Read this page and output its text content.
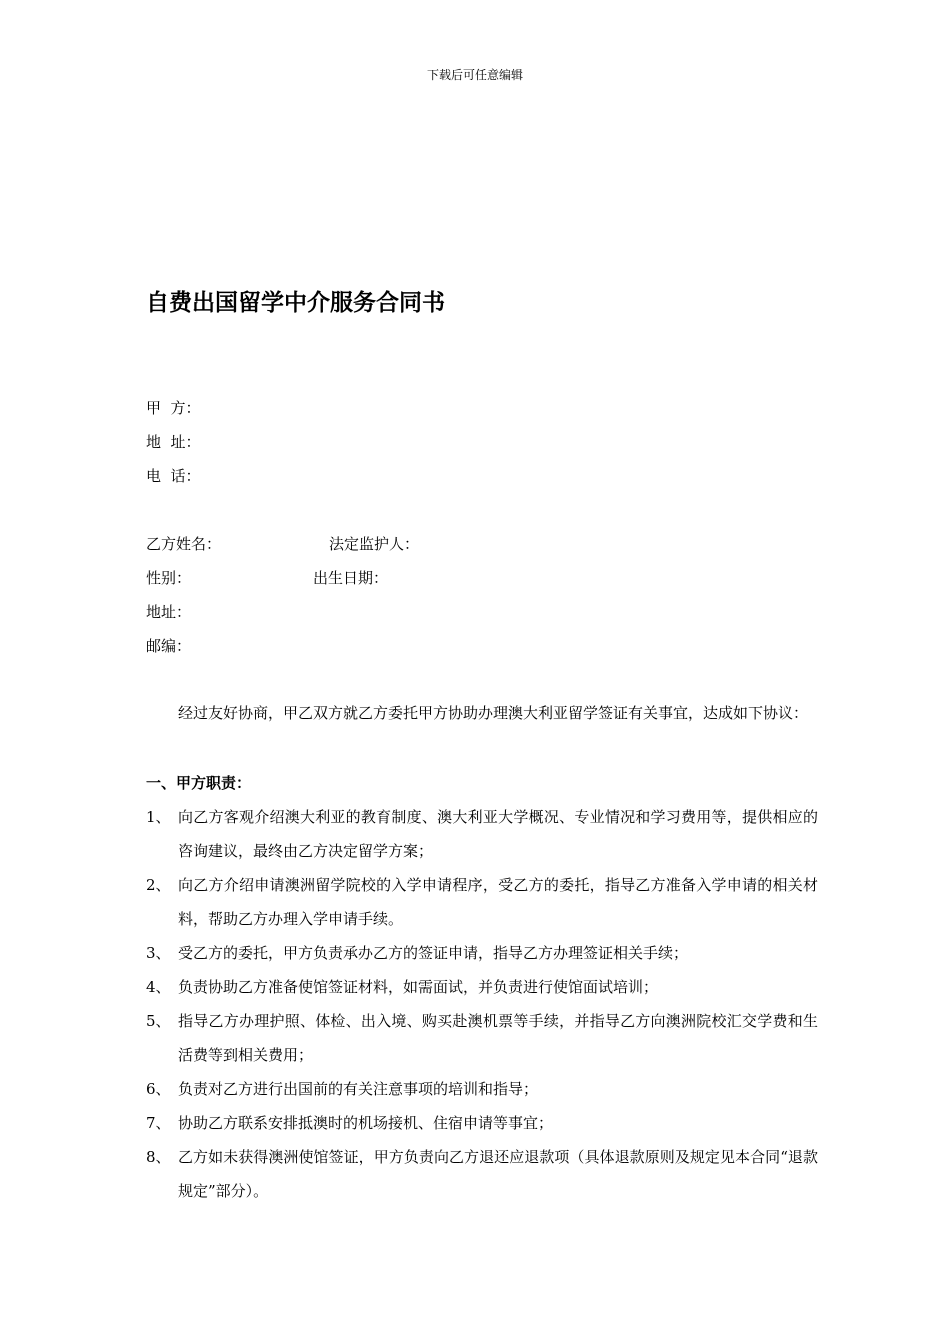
下载后可任意编辑
自费出国留学中介服务合同书
甲  方：
地  址：
电  话：
乙方姓名：	法定监护人：
性别：	出生日期：
地址：
邮编：

经过友好协商，甲乙双方就乙方委托甲方协助办理澳大利亚留学签证有关事宜，达成如下协议：

一、甲方职责：
1、 向乙方客观介绍澳大利亚的教育制度、澳大利亚大学概况、专业情况和学习费用等，提供相应的咨询建议，最终由乙方决定留学方案；
2、 向乙方介绍申请澳洲留学院校的入学申请程序，受乙方的委托，指导乙方准备入学申请的相关材料，帮助乙方办理入学申请手续。
3、 受乙方的委托，甲方负责承办乙方的签证申请，指导乙方办理签证相关手续；
4、 负责协助乙方准备使馆签证材料，如需面试，并负责进行使馆面试培训；
5、 指导乙方办理护照、体检、出入境、购买赴澳机票等手续，并指导乙方向澳洲院校汇交学费和生活费等到相关费用；
6、 负责对乙方进行出国前的有关注意事项的培训和指导；
7、 协助乙方联系安排抵澳时的机场接机、住宿申请等事宜；
8、 乙方如未获得澳洲使馆签证，甲方负责向乙方退还应退款项（具体退款原则及规定见本合同“退款规定”部分）。
